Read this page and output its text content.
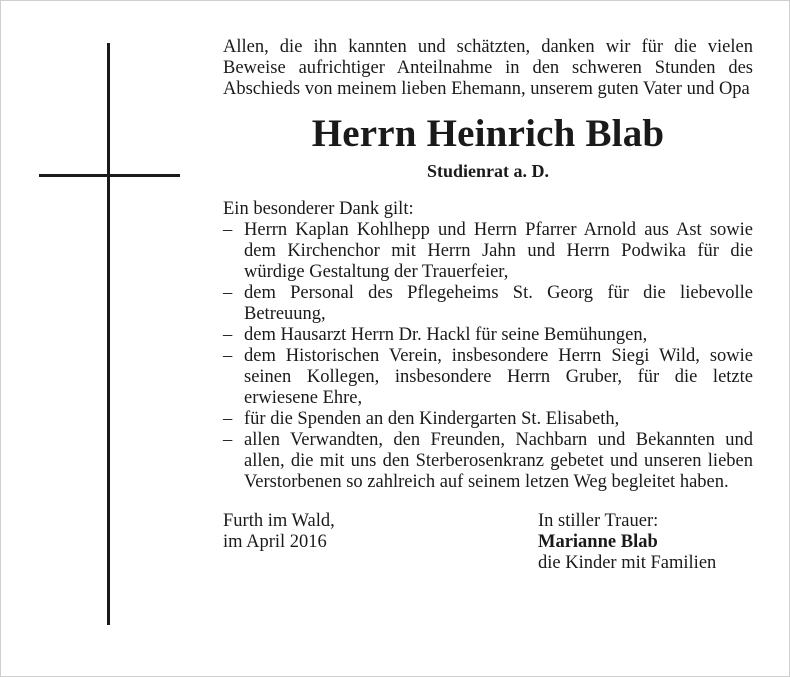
Allen, die ihn kannten und schätzten, danken wir für die vielen Beweise aufrichtiger Anteilnahme in den schweren Stunden des Abschieds von meinem lieben Ehemann, unserem guten Vater und Opa

Herrn Heinrich Blab
Studienrat a. D.
Ein besonderer Dank gilt:
– Herrn Kaplan Kohlhepp und Herrn Pfarrer Arnold aus Ast sowie dem Kirchenchor mit Herrn Jahn und Herrn Podwika für die würdige Gestaltung der Trauerfeier,
– dem Personal des Pflegeheims St. Georg für die liebevolle Betreuung,
– dem Hausarzt Herrn Dr. Hackl für seine Bemühungen,
– dem Historischen Verein, insbesondere Herrn Siegi Wild, sowie seinen Kollegen, insbesondere Herrn Gruber, für die letzte erwiesene Ehre,
– für die Spenden an den Kindergarten St. Elisabeth,
– allen Verwandten, den Freunden, Nachbarn und Bekannten und allen, die mit uns den Sterberosenkranz gebetet und unseren lieben Verstorbenen so zahlreich auf seinem letzen Weg begleitet haben.
Furth im Wald,
im April 2016
In stiller Trauer:
Marianne Blab
die Kinder mit Familien
